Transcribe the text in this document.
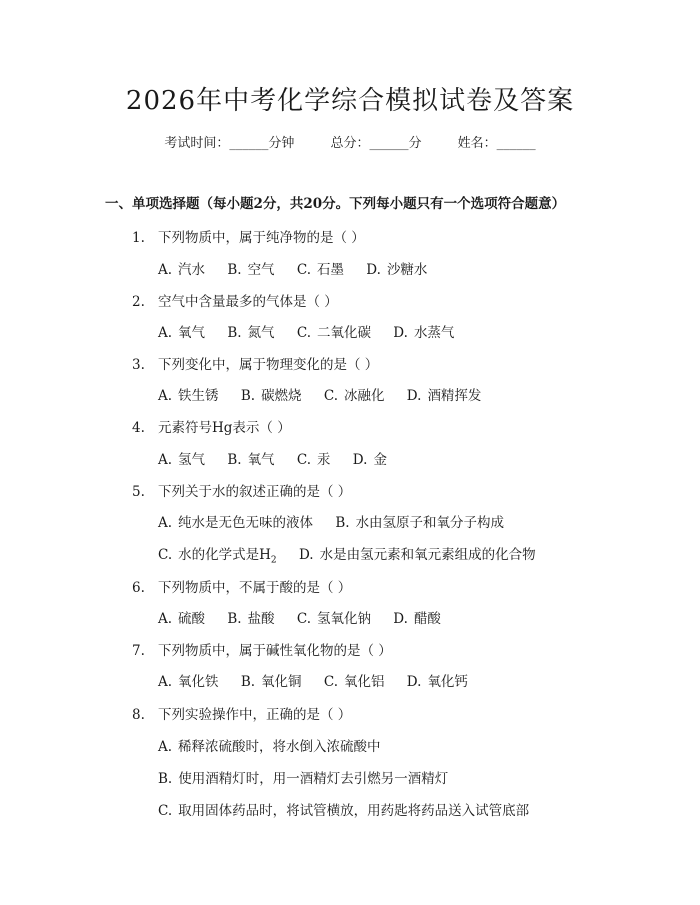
2026年中考化学综合模拟试卷及答案
考试时间：______分钟	总分：______分	姓名：______
一、单项选择题（每小题2分，共20分。下列每小题只有一个选项符合题意）
1. 下列物质中，属于纯净物的是（ ）
A. 汽水 B. 空气 C. 石墨 D. 沙糖水
2. 空气中含量最多的气体是（ ）
A. 氧气 B. 氮气 C. 二氧化碳 D. 水蒸气
3. 下列变化中，属于物理变化的是（ ）
A. 铁生锈 B. 碳燃烧 C. 冰融化 D. 酒精挥发
4. 元素符号Hg表示（ ）
A. 氢气 B. 氧气 C. 汞 D. 金
5. 下列关于水的叙述正确的是（ ）
A. 纯水是无色无味的液体 B. 水由氢原子和氧分子构成
C. 水的化学式是$H_2$ D. 水是由氢元素和氧元素组成的化合物
6. 下列物质中，不属于酸的是（ ）
A. 硫酸 B. 盐酸 C. 氢氧化钠 D. 醋酸
7. 下列物质中，属于碱性氧化物的是（ ）
A. 氧化铁 B. 氧化铜 C. 氧化铝 D. 氧化钙
8. 下列实验操作中，正确的是（ ）
A. 稀释浓硫酸时，将水倒入浓硫酸中
B. 使用酒精灯时，用一酒精灯去引燃另一酒精灯
C. 取用固体药品时，将试管横放，用药匙将药品送入试管底部
